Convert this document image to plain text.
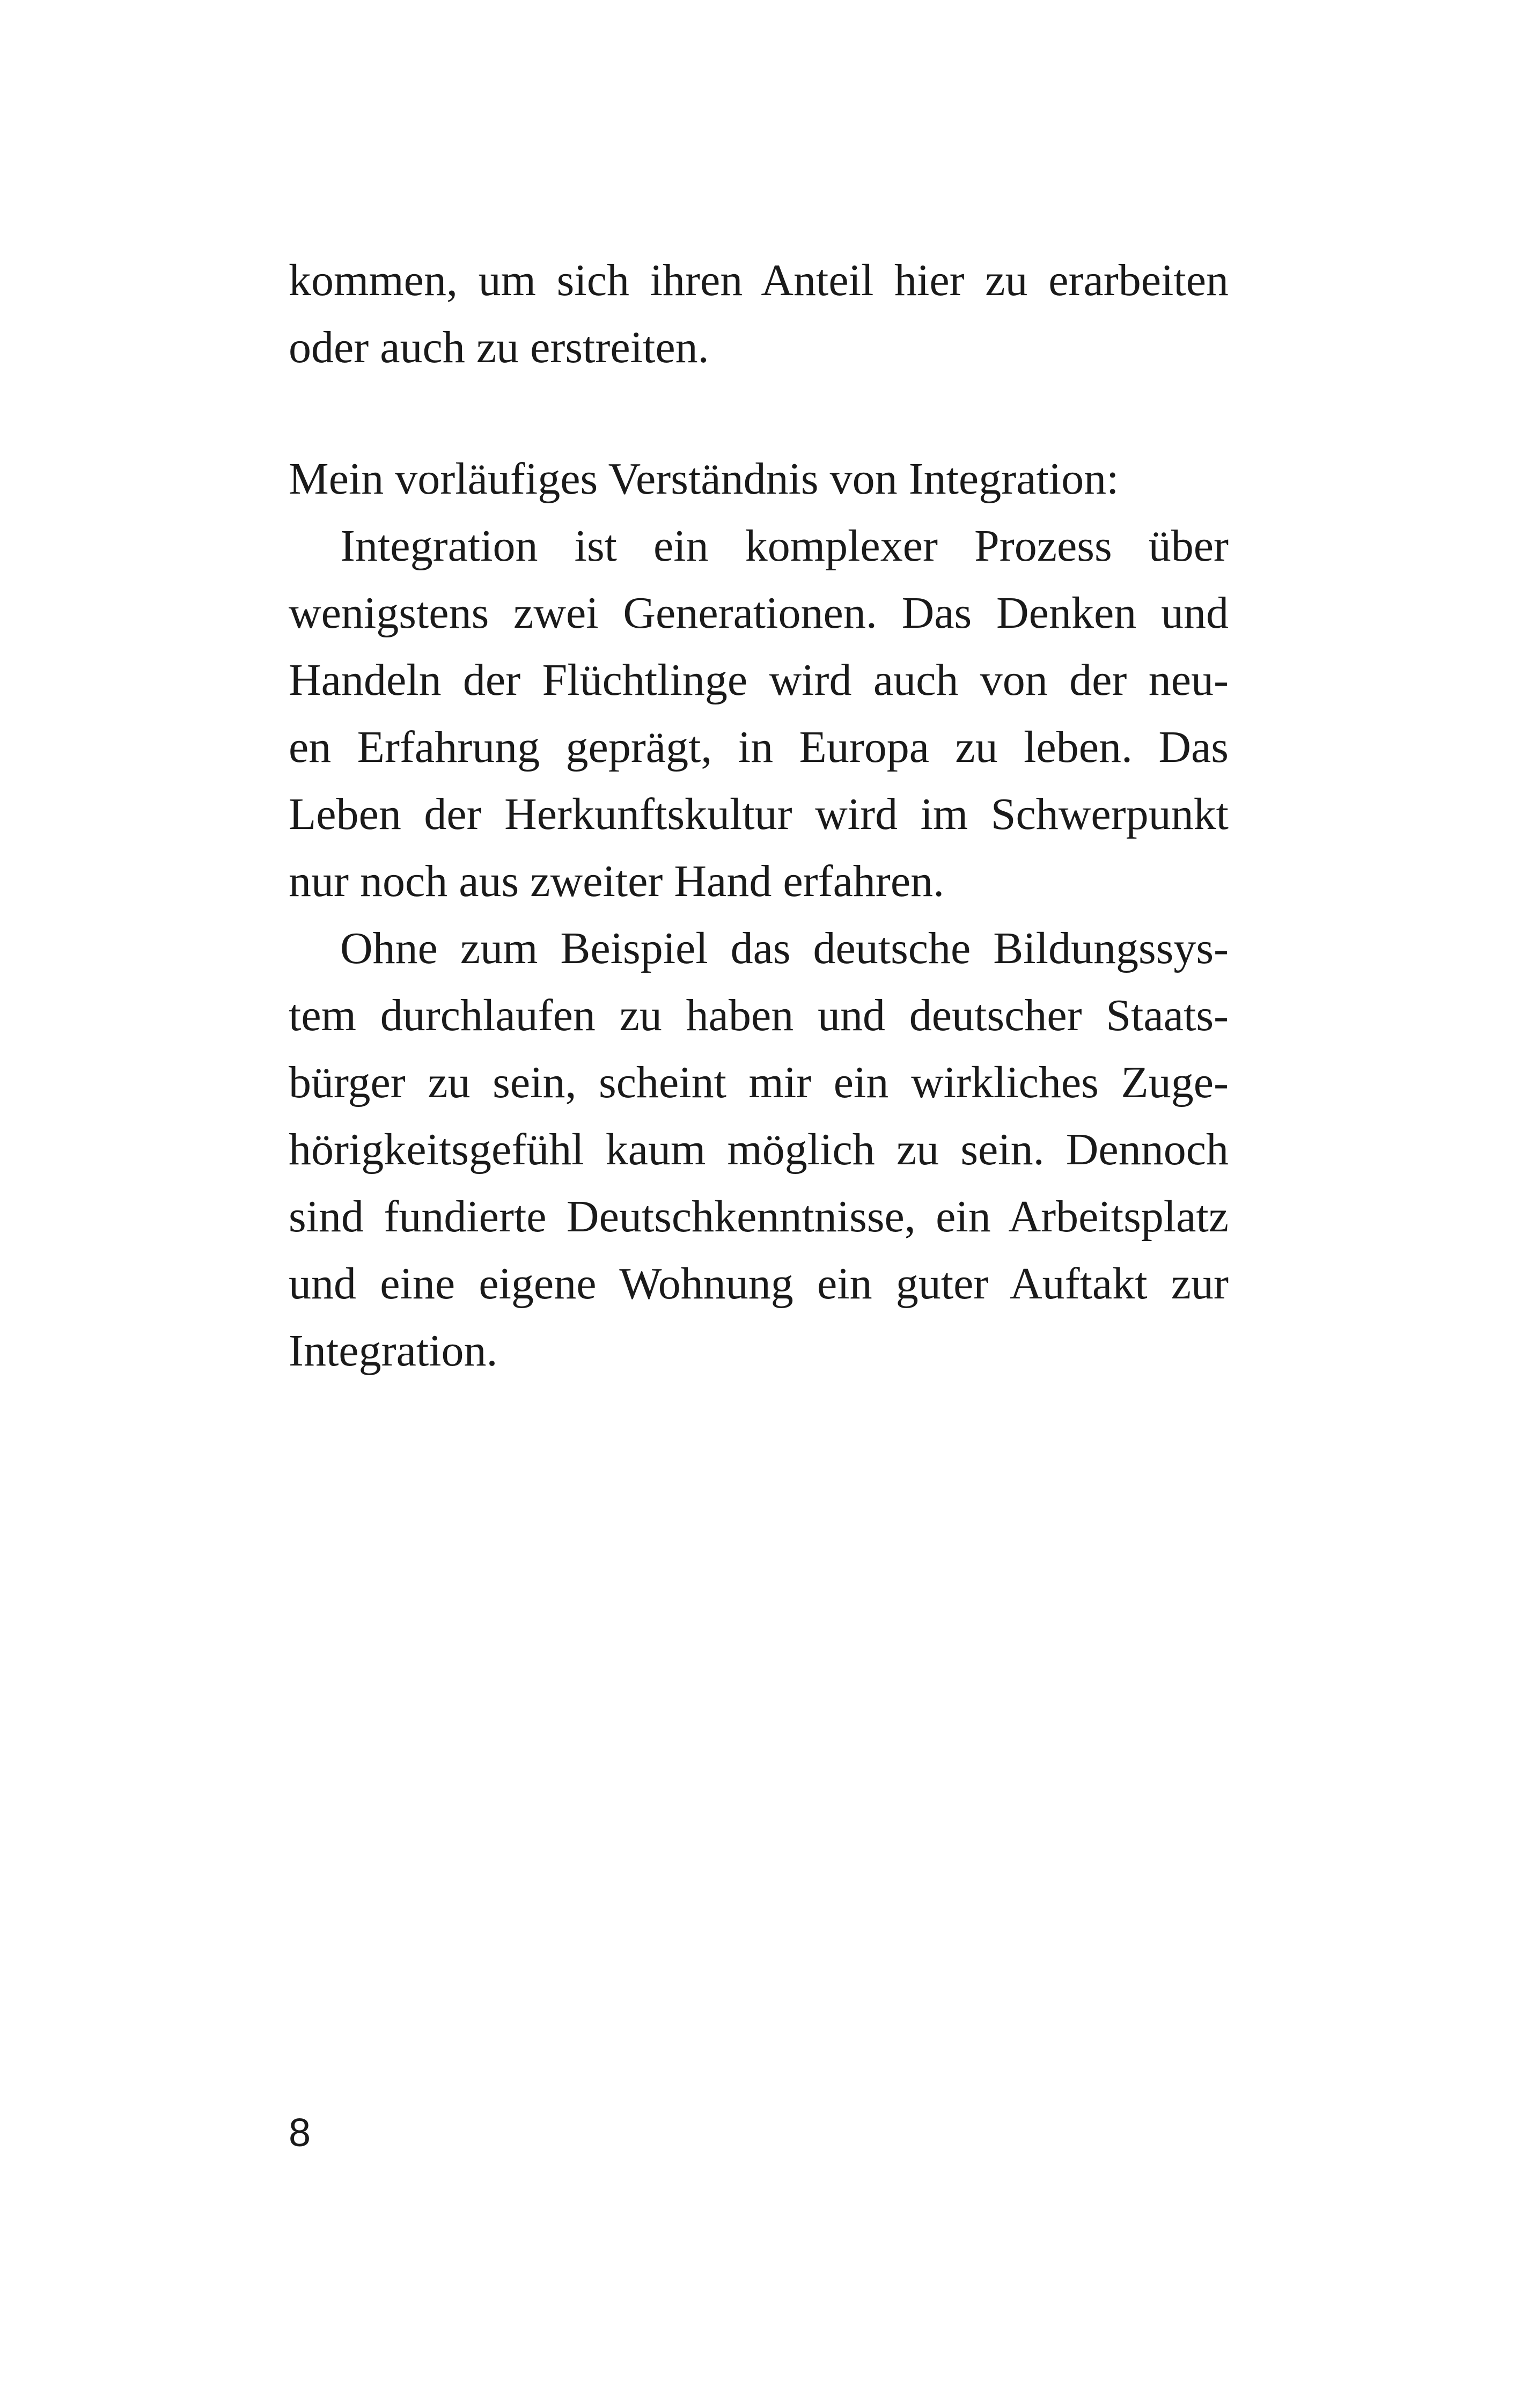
kommen, um sich ihren Anteil hier zu erarbeiten
oder auch zu erstreiten.
Mein vorläufiges Verständnis von Integration:
Integration ist ein komplexer Prozess über
wenigstens zwei Generationen. Das Denken und
Handeln der Flüchtlinge wird auch von der neu-
en Erfahrung geprägt, in Europa zu leben. Das
Leben der Herkunftskultur wird im Schwerpunkt
nur noch aus zweiter Hand erfahren.
Ohne zum Beispiel das deutsche Bildungssys-
tem durchlaufen zu haben und deutscher Staats-
bürger zu sein, scheint mir ein wirkliches Zuge-
hörigkeitsgefühl kaum möglich zu sein. Dennoch
sind fundierte Deutschkenntnisse, ein Arbeitsplatz
und eine eigene Wohnung ein guter Auftakt zur
Integration.
8
